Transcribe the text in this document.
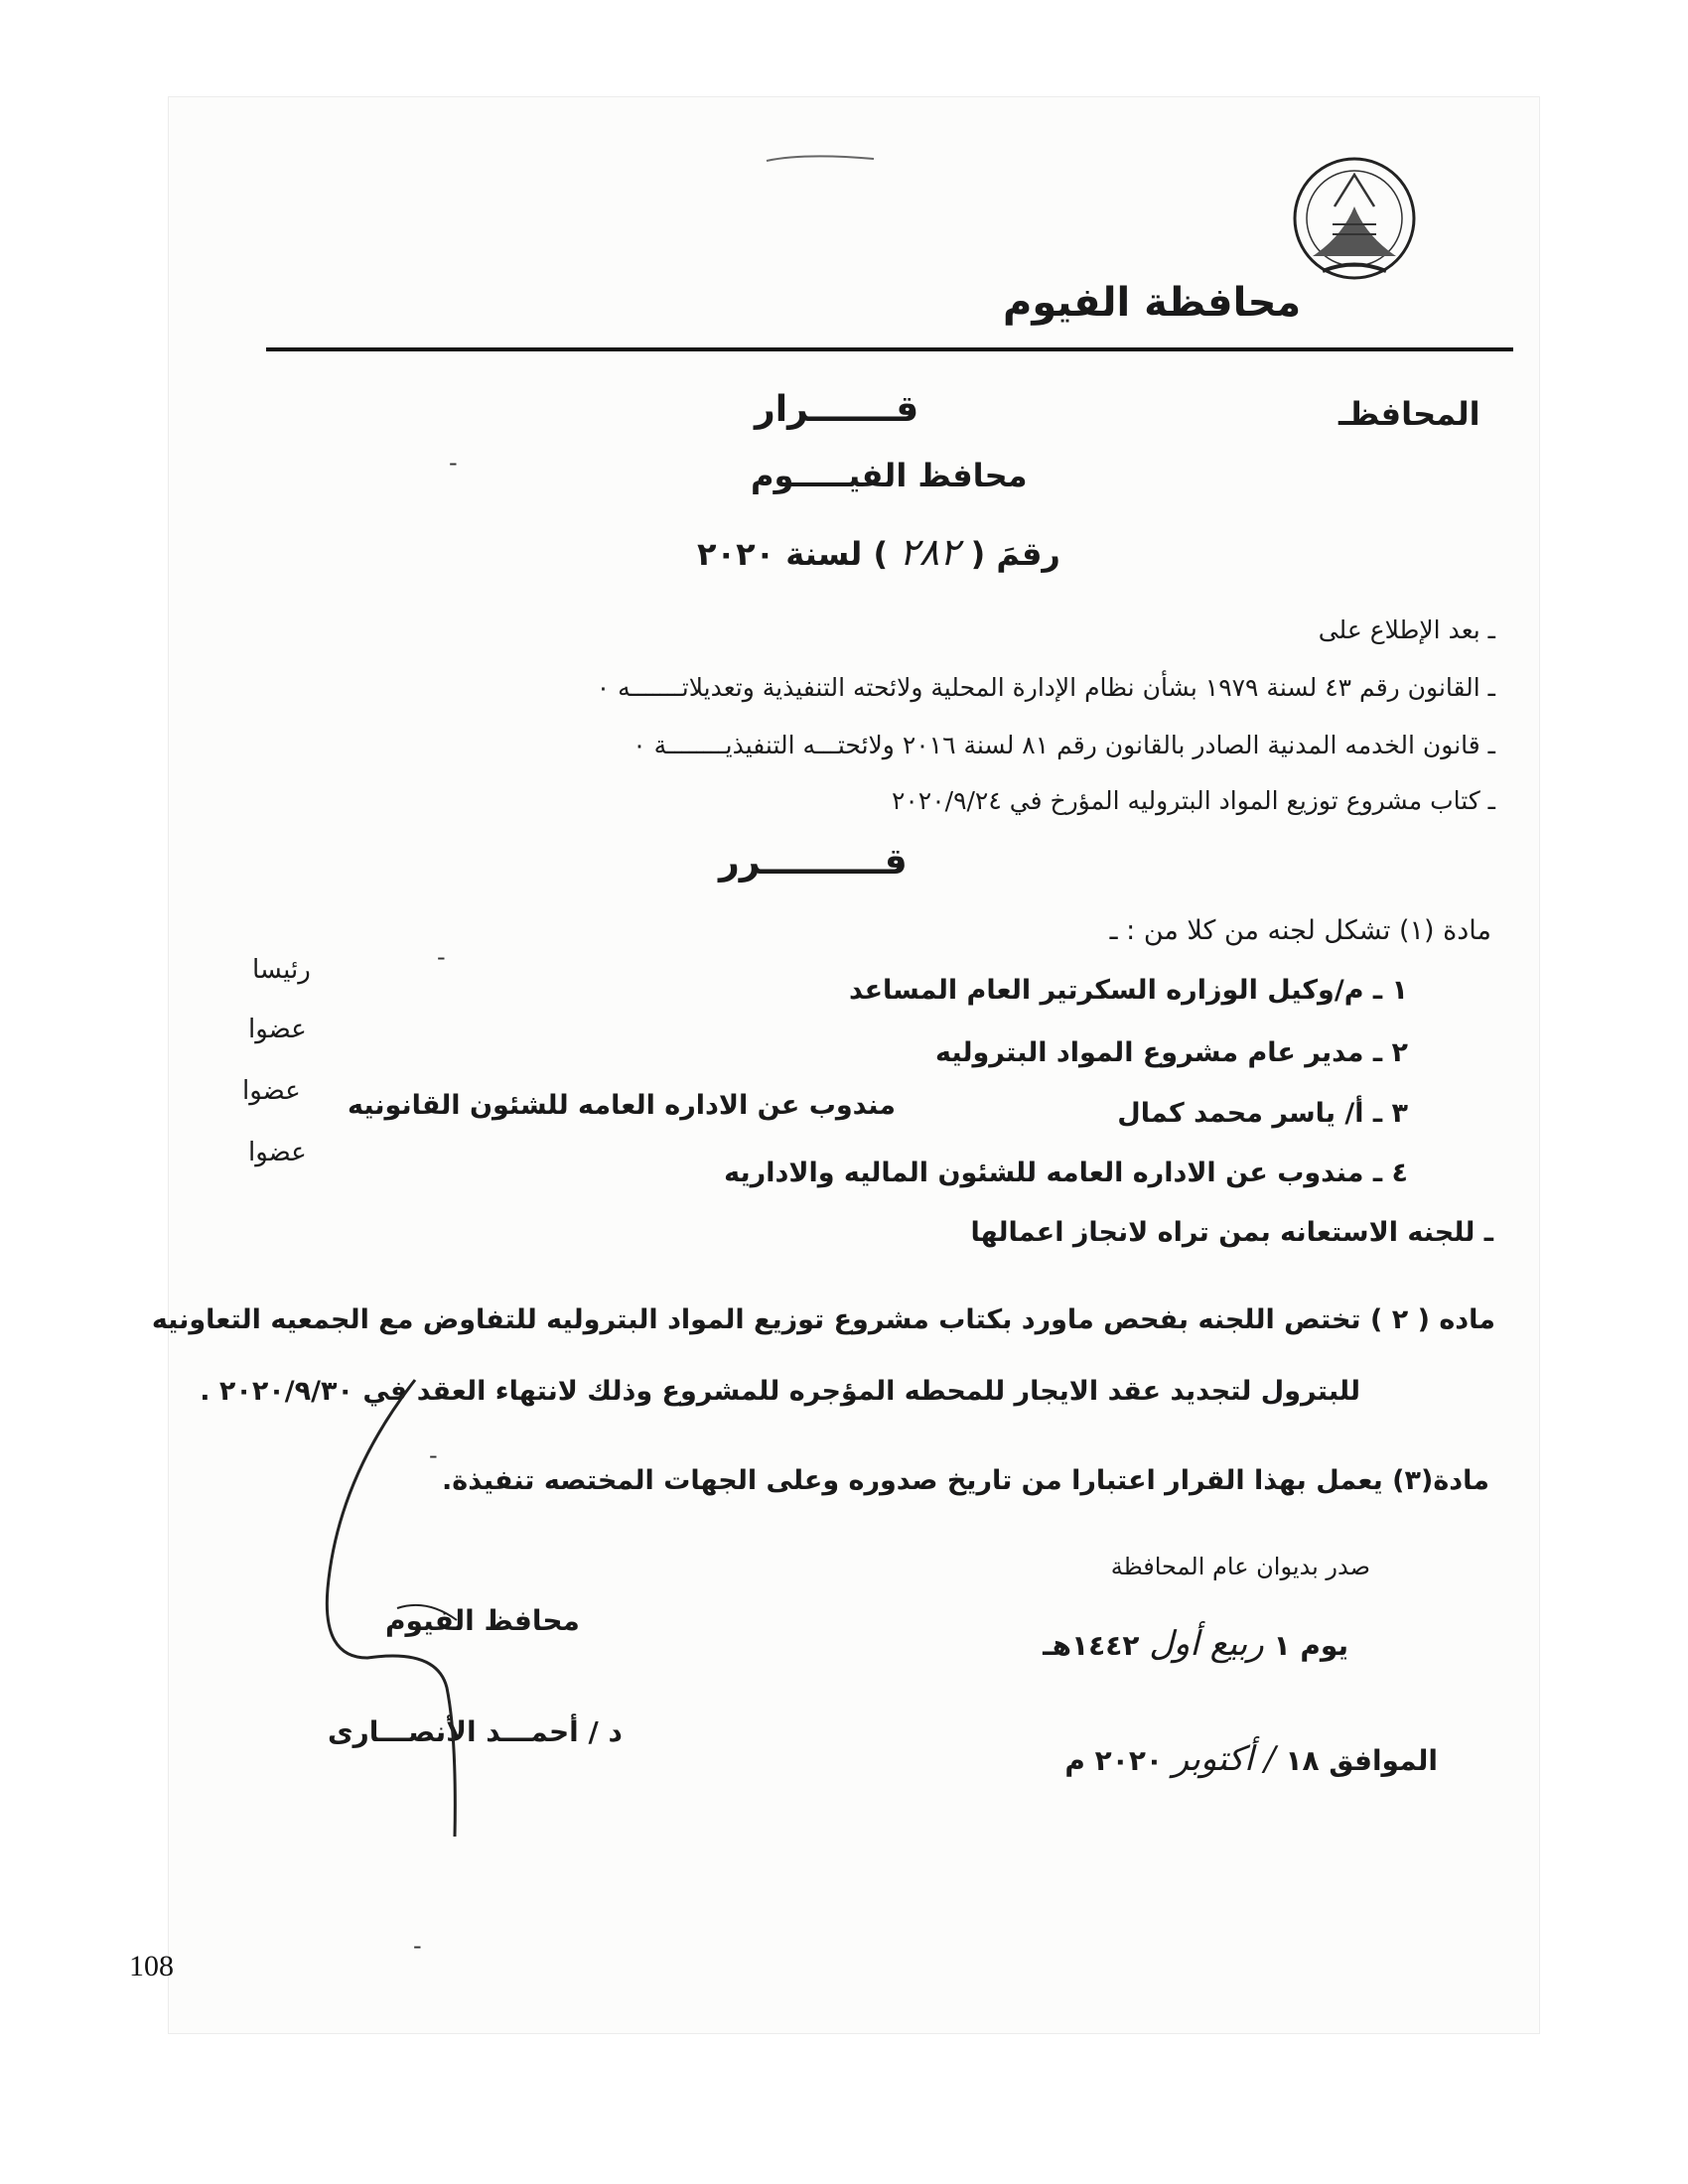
محافظة الفيوم
المحافظـ
قـــــــرار
محافظ الفيـــــوم
رقمَ ( ٢٨٢ ) لسنة ٢٠٢٠
-
ـ بعد الإطلاع على
ـ القانون رقم ٤٣ لسنة ١٩٧٩ بشأن نظام الإدارة المحلية ولائحته التنفيذية وتعديلاتـــــــه ٠
ـ قانون الخدمه المدنية الصادر بالقانون رقم ٨١ لسنة ٢٠١٦ ولائحتـــه التنفيذيــــــــة ٠
ـ كتاب مشروع توزيع المواد البتروليه المؤرخ في ٢٠٢٠/٩/٢٤
قــــــــــرر
مادة (١) تشكل لجنه من كلا من : ـ
-
١ ـ م/وكيل الوزاره السكرتير العام المساعد
٢ ـ مدير عام مشروع المواد البتروليه
٣ ـ أ/ ياسر محمد كمال
مندوب عن الاداره العامه للشئون القانونيه
٤ ـ مندوب عن الاداره العامه للشئون الماليه والاداريه
رئيسا
عضوا
عضوا
عضوا
ـ للجنه الاستعانه بمن تراه لانجاز اعمالها
ماده ( ٢ ) تختص اللجنه بفحص ماورد بكتاب مشروع توزيع المواد البتروليه للتفاوض مع الجمعيه التعاونيه
للبترول لتجديد عقد الايجار للمحطه المؤجره للمشروع وذلك لانتهاء العقد في ٢٠٢٠/٩/٣٠ .
-
مادة(٣) يعمل بهذا القرار اعتبارا من تاريخ صدوره وعلى الجهات المختصه تنفيذة.
صدر بديوان عام المحافظة
يوم ١ ربيع أول ١٤٤٢هـ
الموافق ١٨ / أكتوبر ٢٠٢٠ م
محافظ الفيوم
د / أحمـــد الأنصـــارى
-
108
